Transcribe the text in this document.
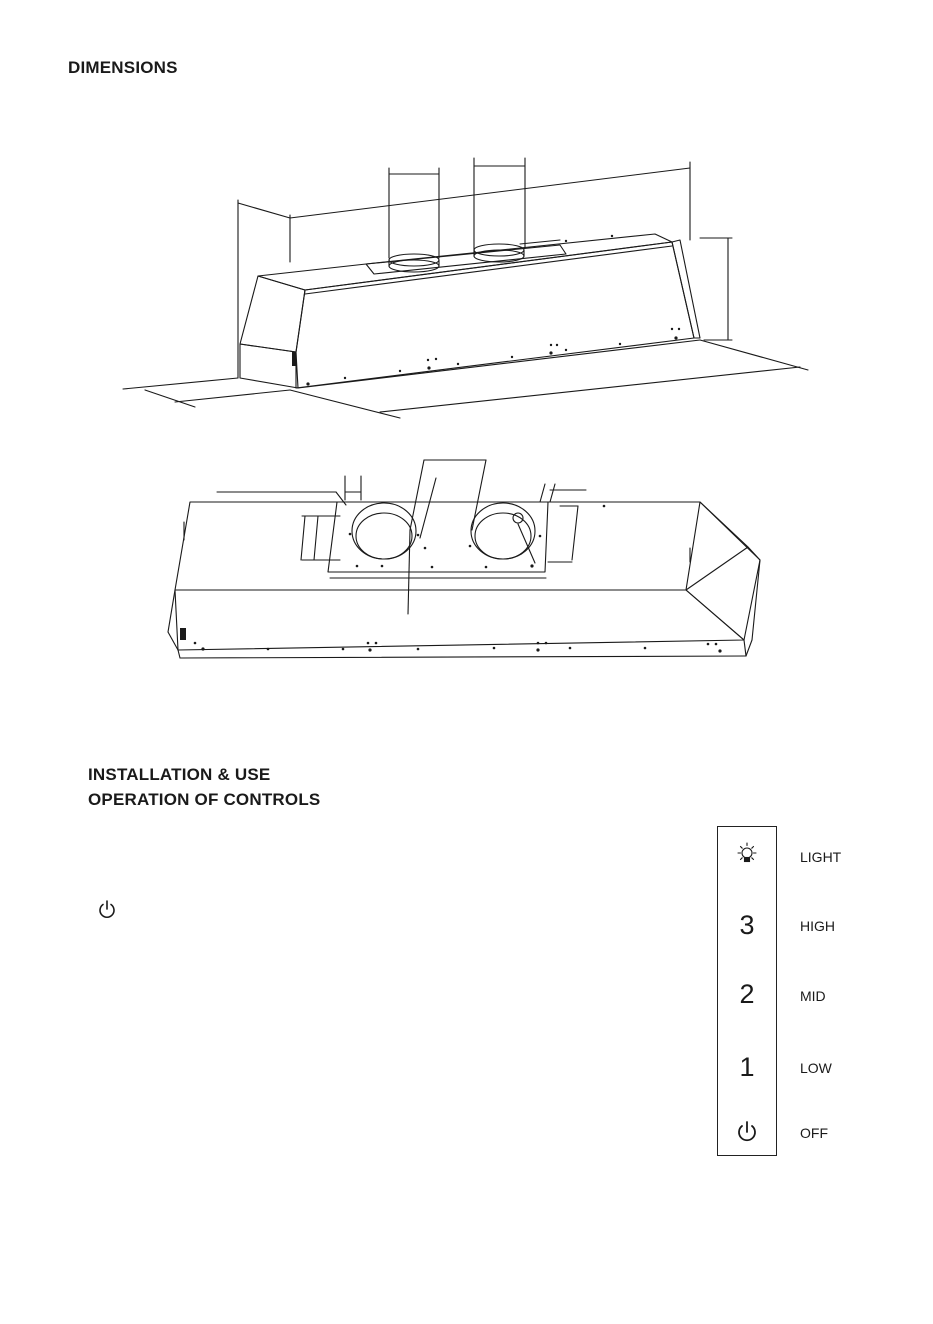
DIMENSIONS
INSTALLATION & USE
OPERATION OF CONTROLS
3
2
1
LIGHT
HIGH
MID
LOW
OFF
